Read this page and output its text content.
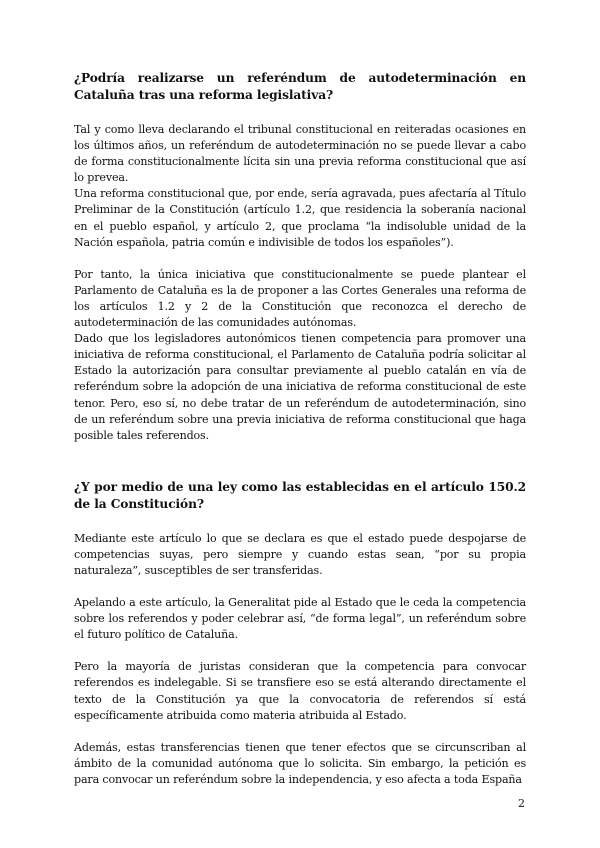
¿Podría realizarse un referéndum de autodeterminación en Cataluña tras una reforma legislativa?

Tal y como lleva declarando el tribunal constitucional en reiteradas ocasiones en los últimos años, un referéndum de autodeterminación no se puede llevar a cabo de forma constitucionalmente lícita sin una previa reforma constitucional que así lo prevea.

Una reforma constitucional que, por ende, sería agravada, pues afectaría al Título Preliminar de la Constitución (artículo 1.2, que residencia la soberanía nacional en el pueblo español, y artículo 2, que proclama “la indisoluble unidad de la Nación española, patria común e indivisible de todos los españoles”).

Por tanto, la única iniciativa que constitucionalmente se puede plantear el Parlamento de Cataluña es la de proponer a las Cortes Generales una reforma de los artículos 1.2 y 2 de la Constitución que reconozca el derecho de autodeterminación de las comunidades autónomas.

Dado que los legisladores autonómicos tienen competencia para promover una iniciativa de reforma constitucional, el Parlamento de Cataluña podría solicitar al Estado la autorización para consultar previamente al pueblo catalán en vía de referéndum sobre la adopción de una iniciativa de reforma constitucional de este tenor. Pero, eso sí, no debe tratar de un referéndum de autodeterminación, sino de un referéndum sobre una previa iniciativa de reforma constitucional que haga posible tales referendos.

¿Y por medio de una ley como las establecidas en el artículo 150.2 de la Constitución?

Mediante este artículo lo que se declara es que el estado puede despojarse de competencias suyas, pero siempre y cuando estas sean, “por su propia naturaleza”, susceptibles de ser transferidas.

Apelando a este artículo, la Generalitat pide al Estado que le ceda la competencia sobre los referendos y poder celebrar así, “de forma legal”, un referéndum sobre el futuro político de Cataluña.

Pero la mayoría de juristas consideran que la competencia para convocar referendos es indelegable. Si se transfiere eso se está alterando directamente el texto de la Constitución ya que la convocatoria de referendos sí está específicamente atribuida como materia atribuida al Estado.

Además, estas transferencias tienen que tener efectos que se circunscriban al ámbito de la comunidad autónoma que lo solicita. Sin embargo, la petición es para convocar un referéndum sobre la independencia, y eso afecta a toda España

2
